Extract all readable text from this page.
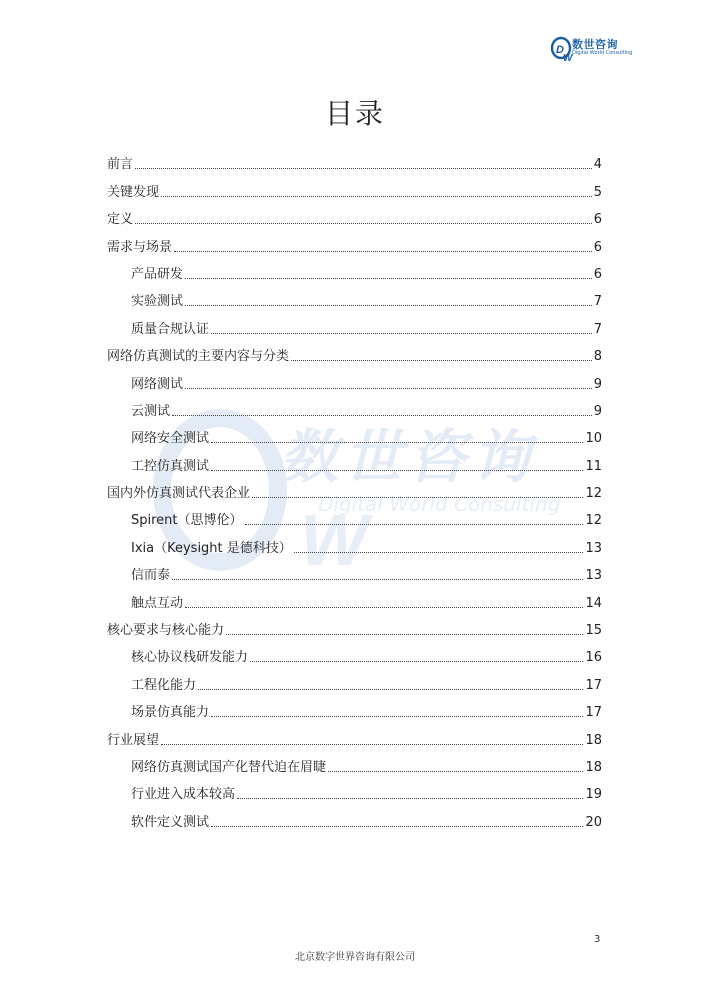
D
W
数世咨询
Digital World Consulting
W
数世咨询
Digital World Consulting
目录
前言	4
关键发现	5
定义	6
需求与场景	6
产品研发	6
实验测试	7
质量合规认证	7
网络仿真测试的主要内容与分类	8
网络测试	9
云测试	9
网络安全测试	10
工控仿真测试	11
国内外仿真测试代表企业	12
Spirent（思博伦）	12
Ixia（Keysight 是德科技）	13
信而泰	13
触点互动	14
核心要求与核心能力	15
核心协议栈研发能力	16
工程化能力	17
场景仿真能力	17
行业展望	18
网络仿真测试国产化替代迫在眉睫	18
行业进入成本较高	19
软件定义测试	20
3
北京数字世界咨询有限公司
